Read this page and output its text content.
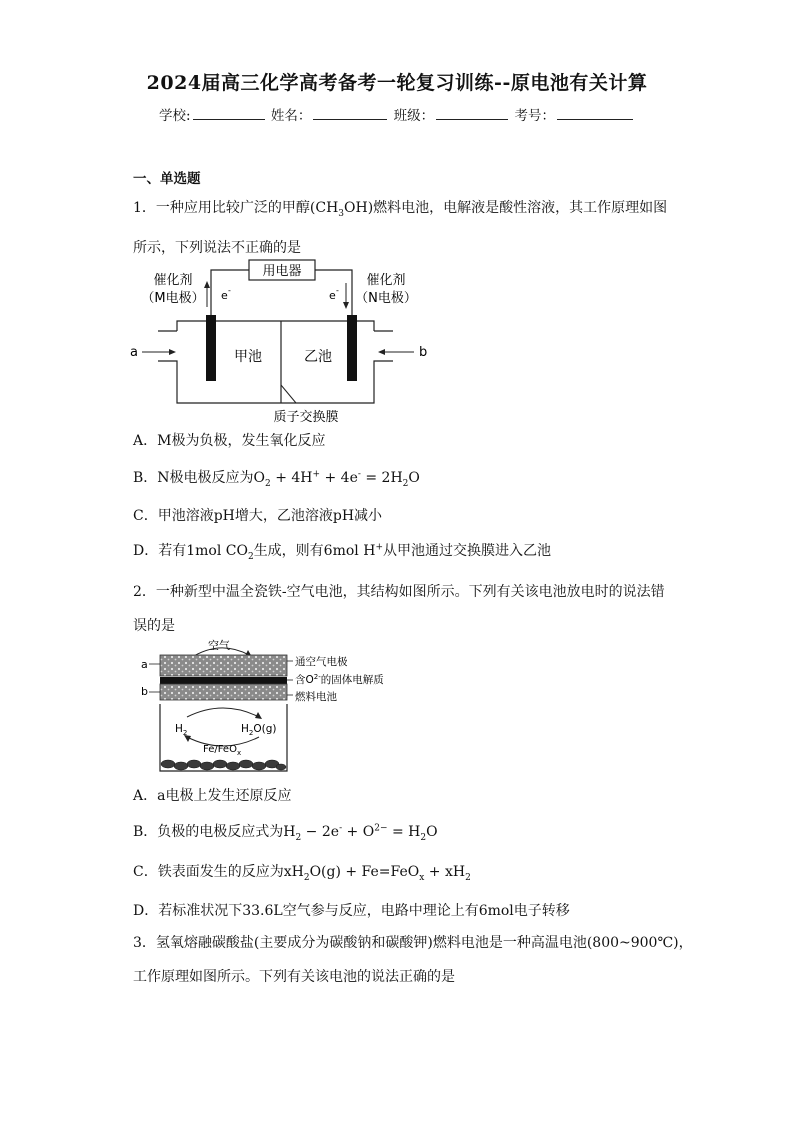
2024届高三化学高考备考一轮复习训练--原电池有关计算
学校:	姓名：	班级：	考号：
一、单选题
1．一种应用比较广泛的甲醇$(CH_3OH)$燃料电池，电解液是酸性溶液，其工作原理如图
所示，下列说法不正确的是
用电器
e -	e -
催化剂
（M电极）
催化剂
（N电极）
甲池	乙池
a	b
质子交换膜
A．M极为负极，发生氧化反应
B．N极电极反应为$O_2 + 4H^+ + 4e^- = 2H_2O$
C．甲池溶液pH增大，乙池溶液pH减小
D．若有1mol $CO_2$生成，则有6mol H+从甲池通过交换膜进入乙池
2．一种新型中温全瓷铁-空气电池，其结构如图所示。下列有关该电池放电时的说法错
误的是
空气
a
b
通空气电极
含$O^{2-}$的固体电解质
燃料电池
$H_2$	$H_2O(g)$
Fe/FeO$_x$
A．a电极上发生还原反应
B．负极的电极反应式为$H_2 - 2e^- + O^{2-} = H_2O$
C．铁表面发生的反应为$xH_2O(g) + Fe=FeO_x + xH_2$
D．若标准状况下33.6L空气参与反应，电路中理论上有6mol电子转移
3．氢氧熔融碳酸盐(主要成分为碳酸钠和碳酸钾)燃料电池是一种高温电池(800~900℃)，
工作原理如图所示。下列有关该电池的说法正确的是
